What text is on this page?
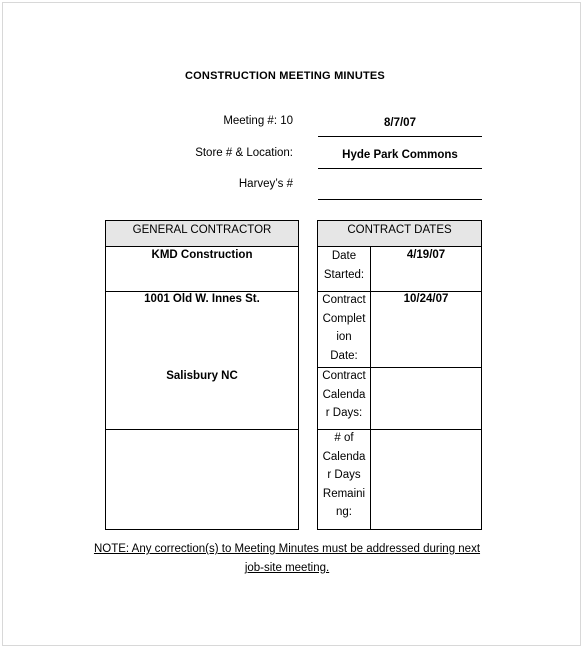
CONSTRUCTION MEETING MINUTES
Meeting #: 10	8/7/07
Store # & Location:	Hyde Park Commons
Harvey’s #
GENERAL CONTRACTOR
KMD Construction
1001 Old W. Innes St.
Salisbury NC
CONTRACT DATES
Date
Started:
4/19/07
Contract
Complet
ion
Date:
10/24/07
Contract
Calenda
r Days:
# of
Calenda
r Days
Remaini
ng:
NOTE: Any correction(s) to Meeting Minutes must be addressed during next
job-site meeting.
